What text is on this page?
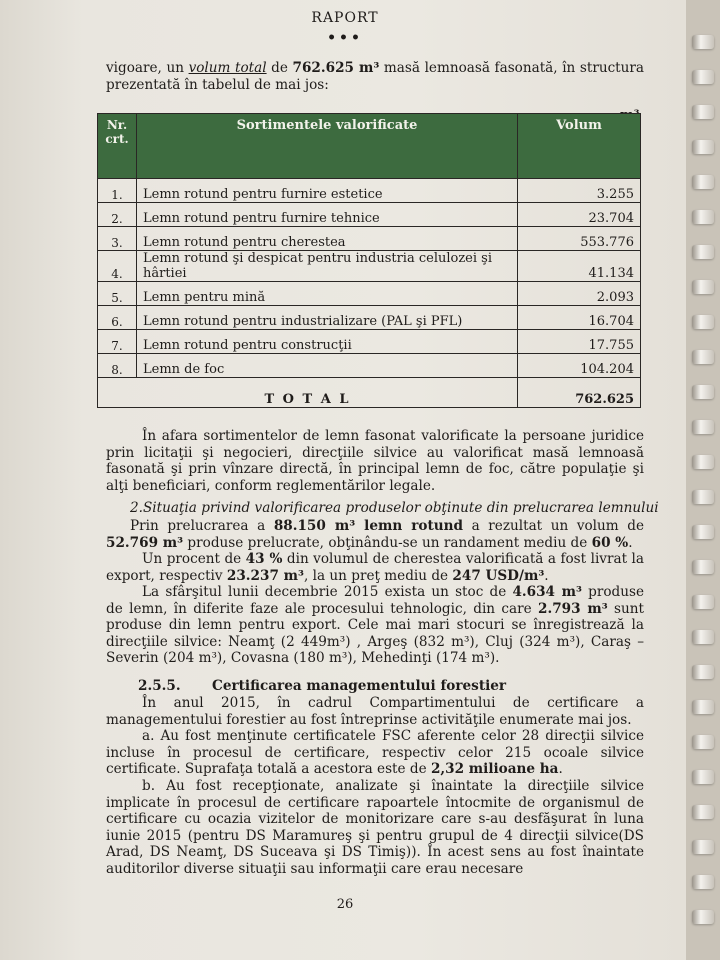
RAPORT
•••
vigoare, un volum total de 762.625 m³ masă lemnoasă fasonată, în structura prezentată în tabelul de mai jos:
Nr. crt.	Sortimentele valorificate	Volum
1.	Lemn rotund pentru furnire estetice	3.255
2.	Lemn rotund pentru furnire tehnice	23.704
3.	Lemn rotund pentru cherestea	553.776
4.	Lemn rotund şi despicat pentru industria celulozei şi hârtiei	41.134
5.	Lemn pentru mină	2.093
6.	Lemn rotund pentru industrializare (PAL şi PFL)	16.704
7.	Lemn rotund pentru construcţii	17.755
8.	Lemn de foc	104.204
T O T A L		762.625
În afara sortimentelor de lemn fasonat valorificate la persoane juridice prin licitaţii şi negocieri, direcţiile silvice au valorificat masă lemnoasă fasonată şi prin vînzare directă, în principal lemn de foc, către populaţie şi alţi beneficiari, conform reglementărilor legale.
2.Situaţia privind valorificarea produselor obţinute din prelucrarea lemnului
Prin prelucrarea a 88.150 m³ lemn rotund a rezultat un volum de 52.769 m³ produse prelucrate, obţinându-se un randament mediu de 60 %.
Un procent de 43 % din volumul de cherestea valorificată a fost livrat la export, respectiv 23.237 m³, la un preţ mediu de 247 USD/m³.
La sfârşitul lunii decembrie 2015 exista un stoc de 4.634 m³ produse de lemn, în diferite faze ale procesului tehnologic, din care 2.793 m³ sunt produse din lemn pentru export. Cele mai mari stocuri se înregistrează la direcţiile silvice: Neamţ (2 449m³) , Argeş (832 m³), Cluj (324 m³), Caraş – Severin (204 m³), Covasna (180 m³), Mehedinţi (174 m³).
2.5.5. Certificarea managementului forestier
În anul 2015, în cadrul Compartimentului de certificare a managementului forestier au fost întreprinse activităţile enumerate mai jos.
a. Au fost menţinute certificatele FSC aferente celor 28 direcţii silvice incluse în procesul de certificare, respectiv celor 215 ocoale silvice certificate. Suprafaţa totală a acestora este de 2,32 milioane ha.
b. Au fost recepţionate, analizate şi înaintate la direcţiile silvice implicate în procesul de certificare rapoartele întocmite de organismul de certificare cu ocazia vizitelor de monitorizare care s-au desfăşurat în luna iunie 2015 (pentru DS Maramureş şi pentru grupul de 4 direcţii silvice(DS Arad, DS Neamţ, DS Suceava şi DS Timiş)). În acest sens au fost înaintate auditorilor diverse situaţii sau informaţii care erau necesare
26
